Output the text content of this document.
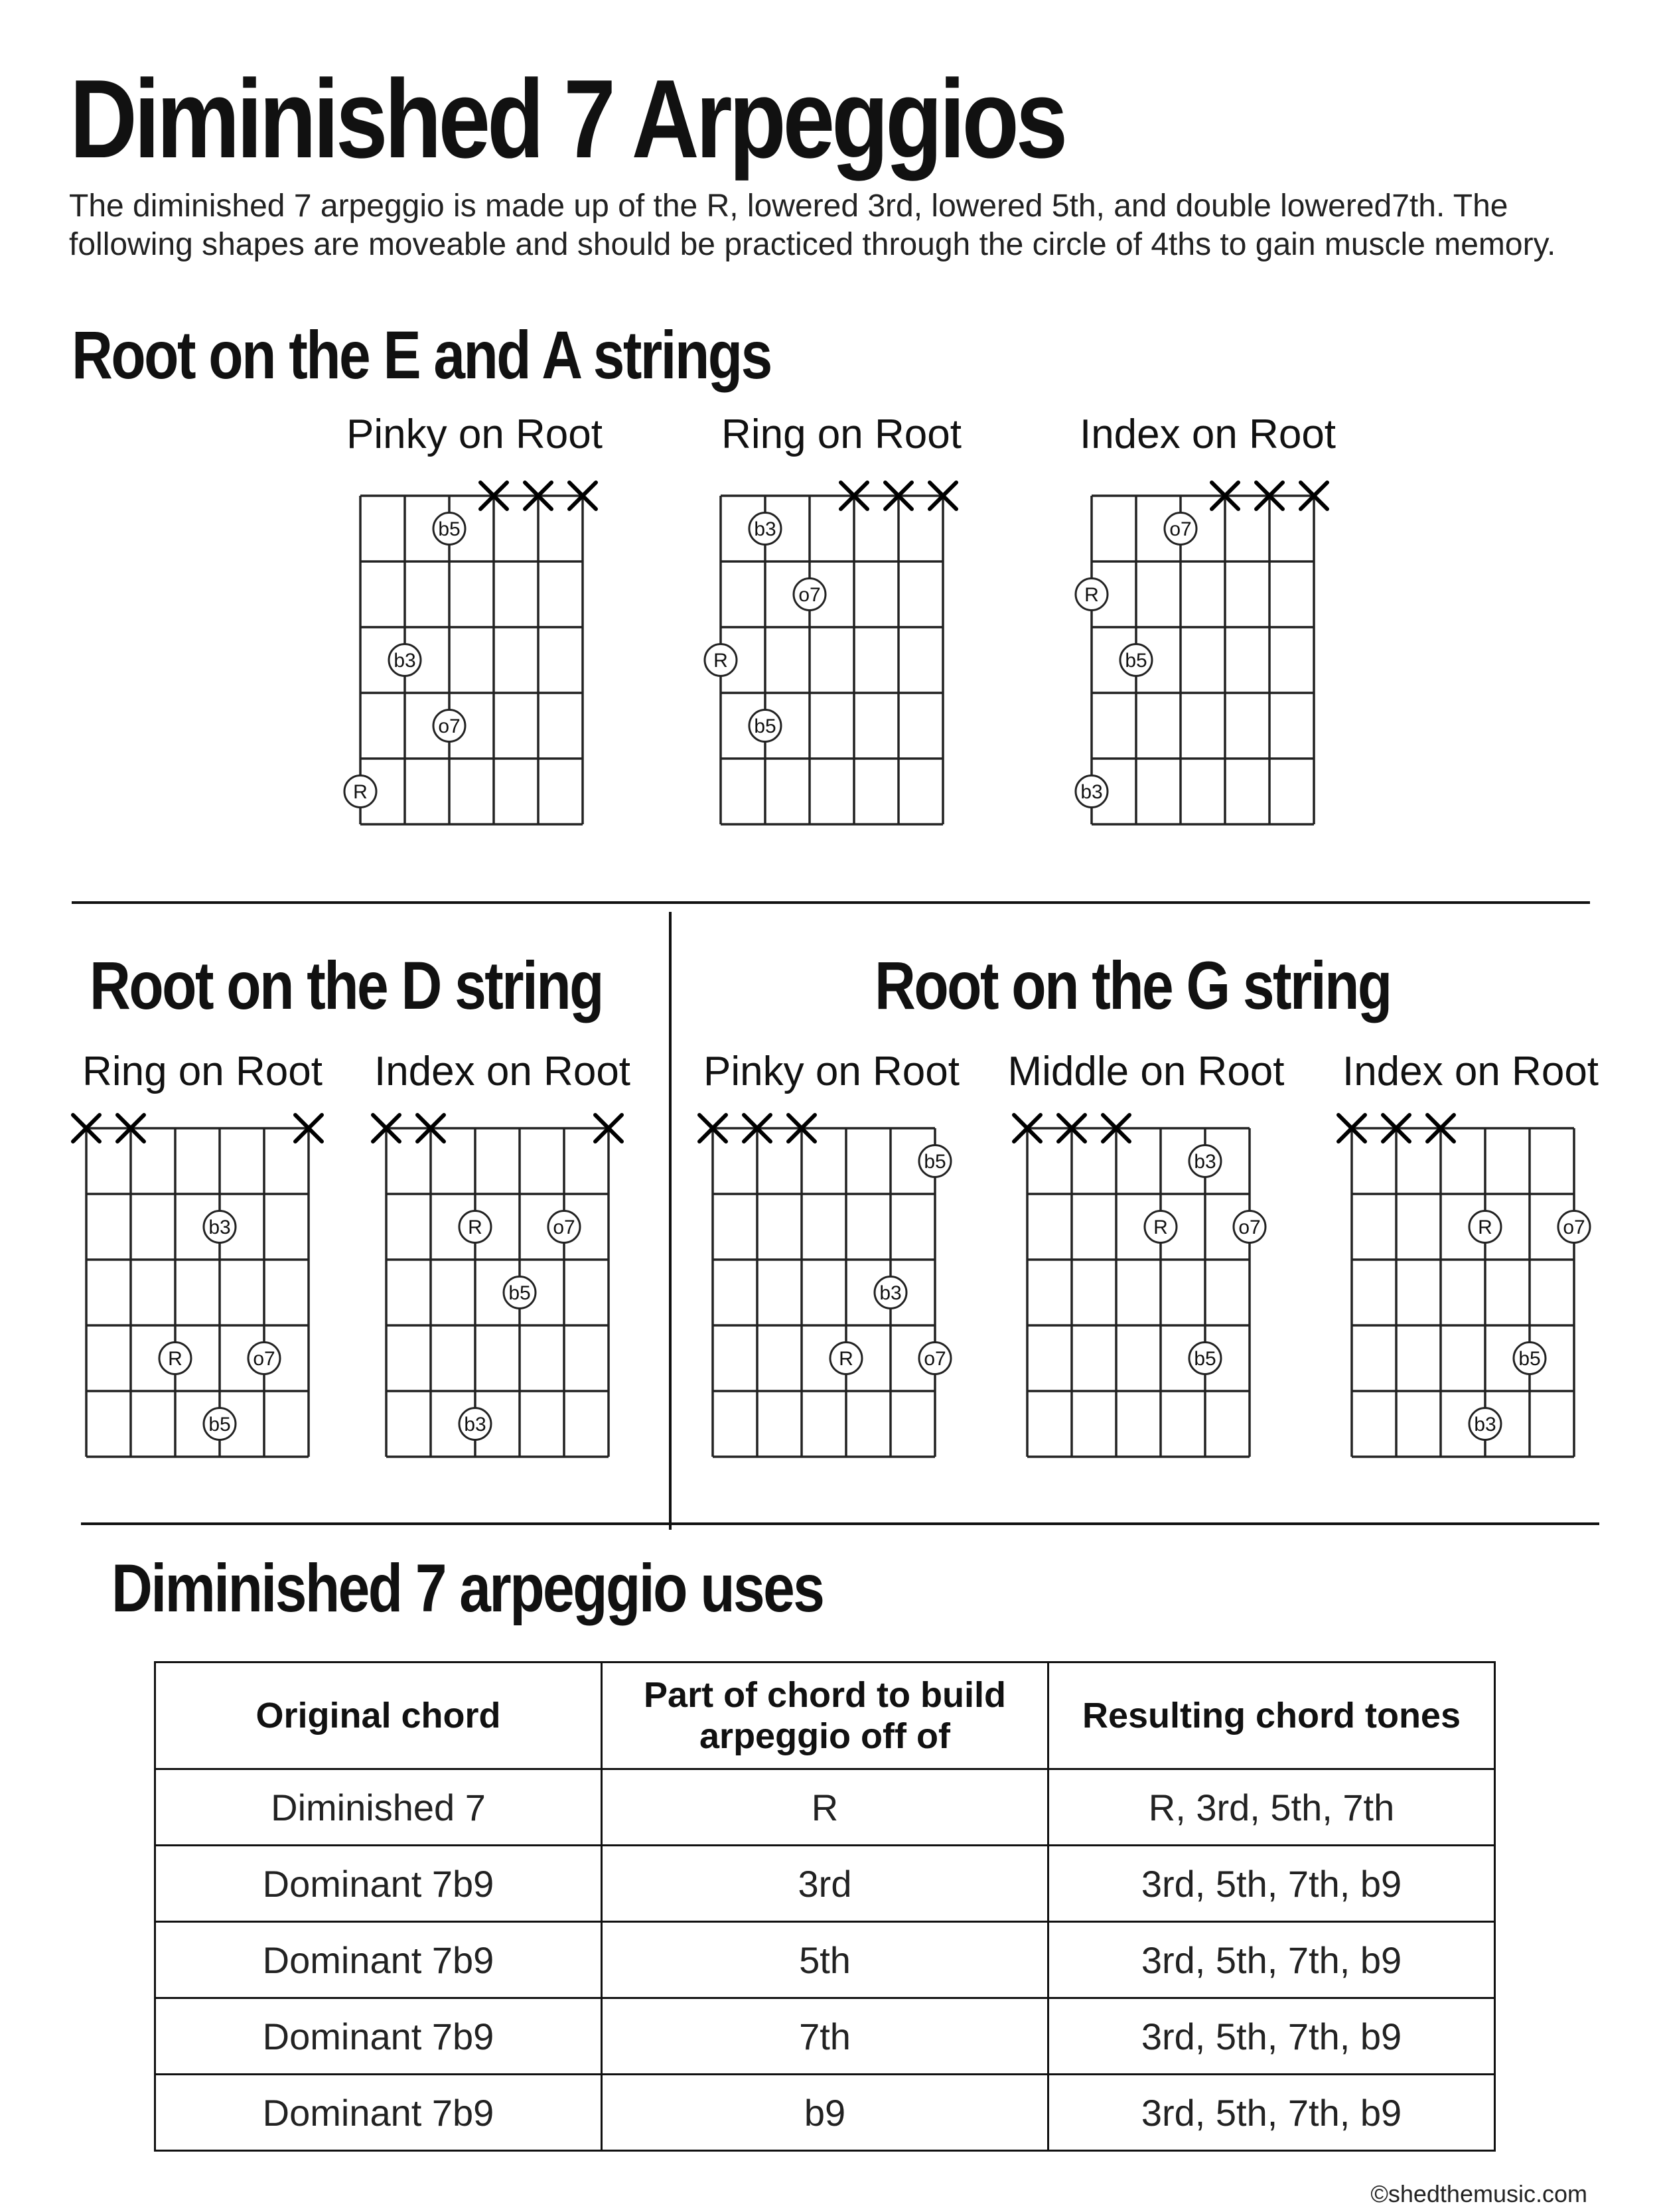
Diminished 7 Arpeggios
The diminished 7 arpeggio is made up of the R, lowered 3rd, lowered 5th, and double lowered7th. The following shapes are moveable and should be practiced through the circle of 4ths to gain muscle memory.
Root on the E and A strings
Root on the D string	Root on the G string
Diminished 7 arpeggio uses
Pinky on Root	Ring on Root	Index on Root
Ring on Root Index on Root Pinky on Root Middle on Root Index on Root
b5
b3
o7
R
b3
o7
R
b5
o7
R
b5
b3
b3
R	o7
b5
R	o7
b5
b3
b5
b3
R	o7
b3
R	o7
b5
R	o7
b5
b3
Original chord	Part of chord to build arpeggio off of	Resulting chord tones
Diminished 7	R	R, 3rd, 5th, 7th
Dominant 7b9	3rd	3rd, 5th, 7th, b9
Dominant 7b9	5th	3rd, 5th, 7th, b9
Dominant 7b9	7th	3rd, 5th, 7th, b9
Dominant 7b9	b9	3rd, 5th, 7th, b9
©shedthemusic.com
